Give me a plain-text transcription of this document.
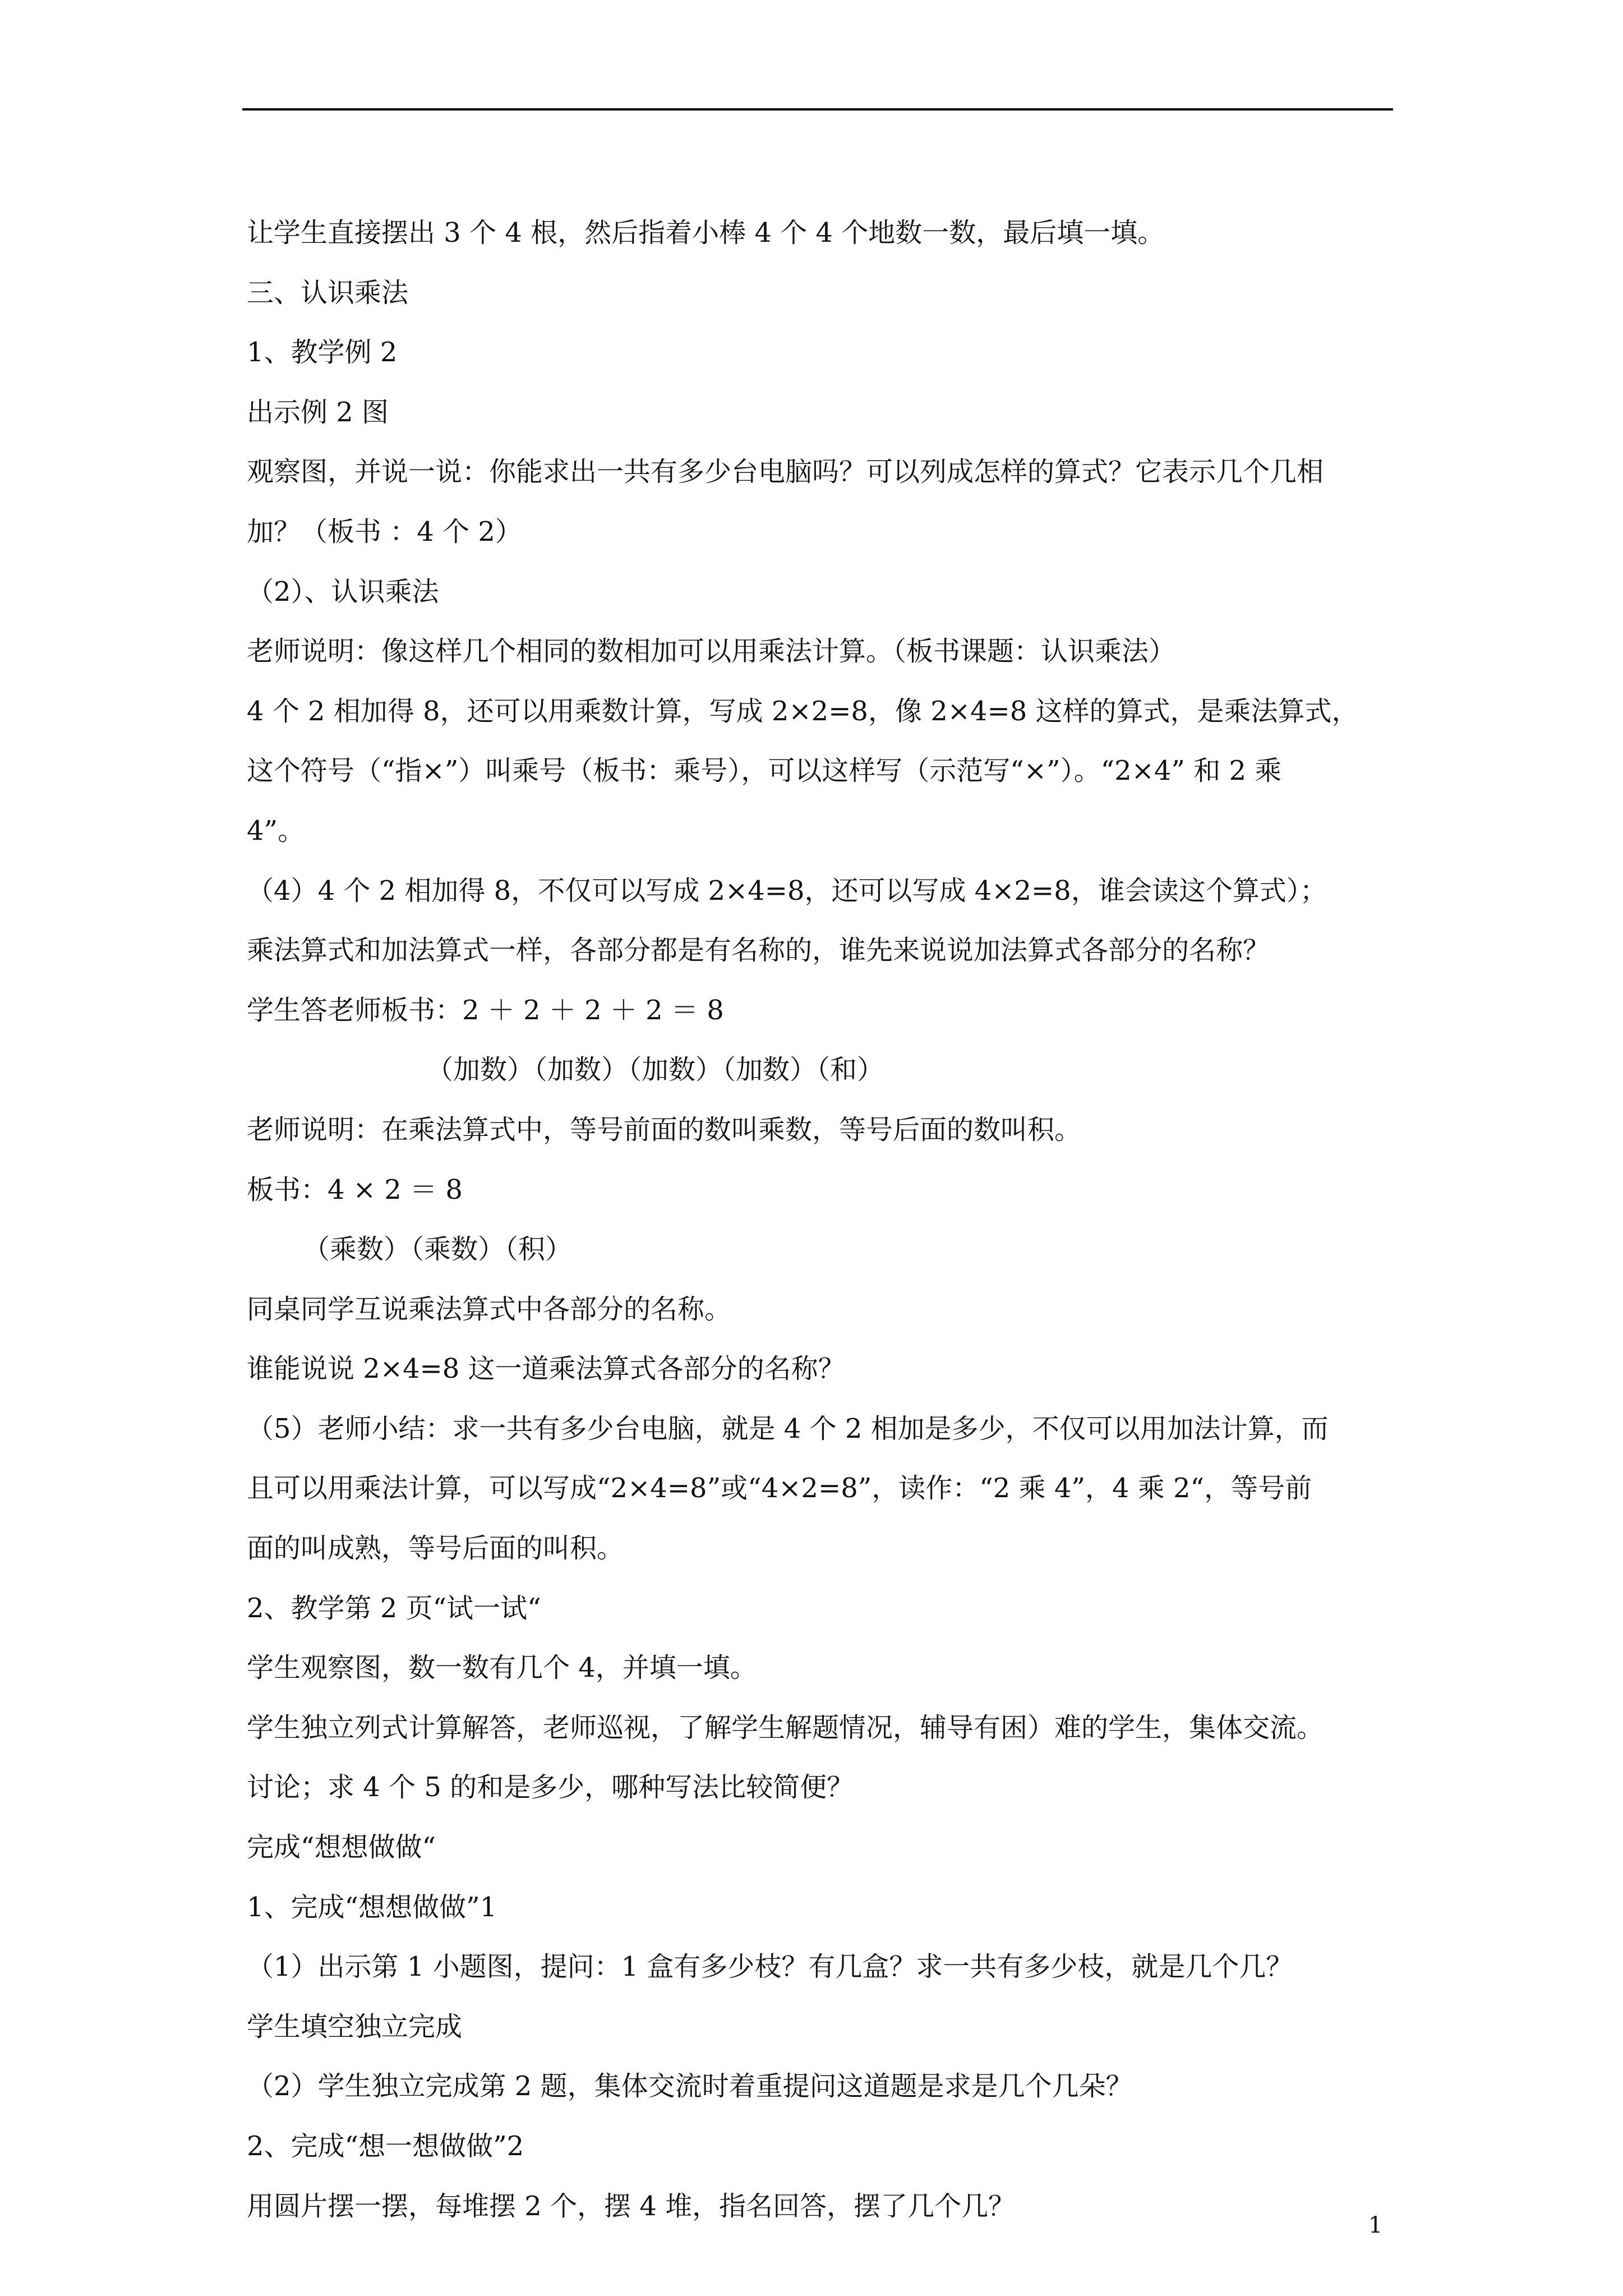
让学生直接摆出 3 个 4 根，然后指着小棒 4 个 4 个地数一数，最后填一填。
三、认识乘法
1、教学例 2
出示例 2 图
观察图，并说一说：你能求出一共有多少台电脑吗？可以列成怎样的算式？它表示几个几相
加？（板书 ：4 个 2）
（2）、认识乘法
老师说明：像这样几个相同的数相加可以用乘法计算。（板书课题：认识乘法）
4 个 2 相加得 8，还可以用乘数计算，写成 2×2=8，像 2×4=8 这样的算式，是乘法算式，
这个符号（“指×”）叫乘号（板书：乘号），可以这样写（示范写“×”）。“2×4” 和 2 乘
4”。
（4）4 个 2 相加得 8，不仅可以写成 2×4=8，还可以写成 4×2=8，谁会读这个算式）；
乘法算式和加法算式一样，各部分都是有名称的，谁先来说说加法算式各部分的名称？
学生答老师板书：2 ＋ 2 ＋ 2 ＋ 2 ＝ 8
（加数）（加数）（加数）（加数）（和）
老师说明：在乘法算式中，等号前面的数叫乘数，等号后面的数叫积。
板书：4 × 2 ＝ 8
（乘数）（乘数）（积）
同桌同学互说乘法算式中各部分的名称。
谁能说说 2×4=8 这一道乘法算式各部分的名称？
（5）老师小结：求一共有多少台电脑，就是 4 个 2 相加是多少，不仅可以用加法计算，而
且可以用乘法计算，可以写成“2×4=8”或“4×2=8”，读作：“2 乘 4”，4 乘 2“，等号前
面的叫成熟，等号后面的叫积。
2、教学第 2 页“试一试“
学生观察图，数一数有几个 4，并填一填。
学生独立列式计算解答，老师巡视，了解学生解题情况，辅导有困）难的学生，集体交流。
讨论；求 4 个 5 的和是多少，哪种写法比较简便？
完成“想想做做“
1、完成“想想做做”1
（1）出示第 1 小题图，提问：1 盒有多少枝？有几盒？求一共有多少枝，就是几个几？
学生填空独立完成
（2）学生独立完成第 2 题，集体交流时着重提问这道题是求是几个几朵？
2、完成“想一想做做”2
用圆片摆一摆，每堆摆 2 个，摆 4 堆，指名回答，摆了几个几？
1
